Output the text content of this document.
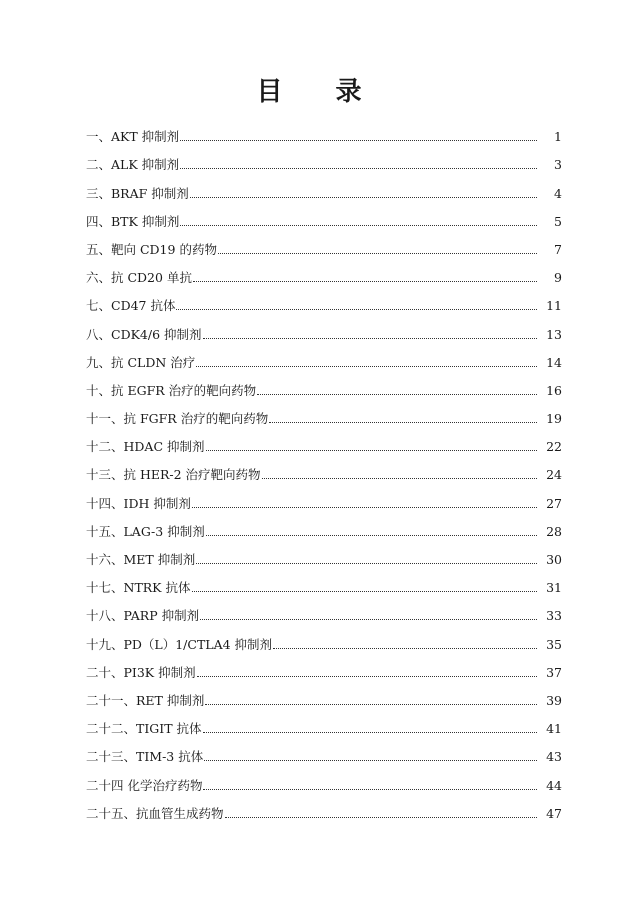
目 录
一、AKT 抑制剂	1
二、ALK 抑制剂	3
三、BRAF 抑制剂	4
四、BTK 抑制剂	5
五、靶向 CD19 的药物	7
六、抗 CD20 单抗	9
七、CD47 抗体	11
八、CDK4/6 抑制剂	13
九、抗 CLDN 治疗	14
十、抗 EGFR 治疗的靶向药物	16
十一、抗 FGFR 治疗的靶向药物	19
十二、HDAC 抑制剂	22
十三、抗 HER-2 治疗靶向药物	24
十四、IDH 抑制剂	27
十五、LAG-3 抑制剂	28
十六、MET 抑制剂	30
十七、NTRK 抗体	31
十八、PARP 抑制剂	33
十九、PD（L）1/CTLA4 抑制剂	35
二十、PI3K 抑制剂	37
二十一、RET 抑制剂	39
二十二、TIGIT 抗体	41
二十三、TIM-3 抗体	43
二十四 化学治疗药物	44
二十五、抗血管生成药物	47
